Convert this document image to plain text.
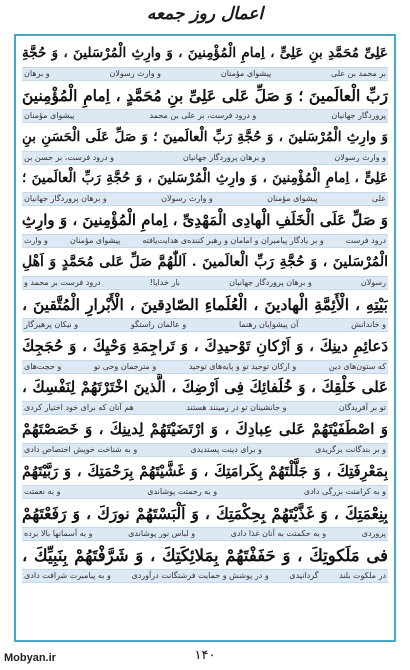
اعمال روز جمعه
عَلِیِّ مُحَمَّدِ بنِ عَلِیٍّ ، اِمامِ الْمُؤْمِنینَ ، وَ وارِثِ الْمُرْسَلینَ ، وَ حُجَّةِ
بر محمد بن علی
پیشوای مؤمنان
و وارث رسولان
و برهان
رَبِّ الْعالَمینَ ؛ وَ صَلِّ عَلى عَلِیِّ بنِ مُحَمَّدٍ ، اِمامِ الْمُؤْمِنینَ
پروردگار جهانیان
و درود فرست، بر علی بن محمد
پیشوای مؤمنان
وَ وارِثِ الْمُرْسَلینَ ، وَ حُجَّةِ رَبِّ الْعالَمینَ ؛ وَ صَلِّ عَلَى الْحَسَنِ بنِ
و وارث رسولان
و برهان پروردگار جهانیان
و درود فرست، بر حسن بن
عَلِیٍّ ، اِمامِ الْمُؤْمِنینَ ، وَ وارِثِ الْمُرْسَلینَ ، وَ حُجَّةِ رَبِّ الْعالَمینَ ؛
علی
پیشوای مؤمنان
و وارث رسولان
و برهان پروردگار جهانیان
وَ صَلِّ عَلَى الْخَلَفِ الْهادِی الْمَهْدِیِّ ، اِمامِ الْمُؤْمِنینَ ، وَ وارِثِ
درود فرست
و بر یادگار پیامبران و امامان و رهبر کننده‌ی هدایت‌یافته
پیشوای مؤمنان
و وارث
الْمُرْسَلینَ ، وَ حُجَّةِ رَبِّ الْعالَمینَ . اَللّٰهُمَّ صَلِّ عَلى مُحَمَّدٍ وَ اَهْلِ
رسولان
و برهان پروردگار جهانیان
بار خدایا!
درود فرست بر محمد و
بَیْتِهِ ، الْأَئِمَّةِ الْهادینَ ، الْعُلَماءِ الصّادِقینَ ، الْأَبْرارِ الْمُتَّقینَ ،
و خاندانش
آن پیشوایان رهنما
و عالمان راستگو
و نیکان پرهیزگار
دَعائِمِ دینِكَ ، وَ اَرْكانِ تَوْحیدِكَ ، وَ تَراجِمَةِ وَحْیِكَ ، وَ حُجَجِكَ
که ستون‌های دین
و ارکان توحید تو و پایه‌های توحید
و مترجمان وحی تو
و حجت‌های
عَلى خَلْقِكَ ، وَ خُلَفائِكَ فِی اَرْضِكَ ، الَّذینَ اخْتَرْتَهُمْ لِنَفْسِكَ ،
تو بر آفریدگان
و جانشینان تو در زمینند هستند
هم آنان که برای خود اختیار کردی
وَ اصْطَفَیْتَهُمْ عَلى عِبادِكَ ، وَ ارْتَضَیْتَهُمْ لِدینِكَ ، وَ خَصَصْتَهُمْ
و بر بندگانت برگزیدی
و برای دینت پسندیدی
و به شناخت خویش اختصاص دادی
بِمَعْرِفَتِكَ ، وَ جَلَّلْتَهُمْ بِكَرامَتِكَ ، وَ غَشَّیْتَهُمْ بِرَحْمَتِكَ ، وَ رَبَّیْتَهُمْ
و به کرامتت بزرگی دادی
و به رحمتت پوشاندی
و به نعمتت
بِنِعْمَتِكَ ، وَ غَذَّیْتَهُمْ بِحِكْمَتِكَ ، وَ اَلْبَسْتَهُمْ نورَكَ ، وَ رَفَعْتَهُمْ
پروردی
و به حکمتت به آنان غذا دادی
و لباس نور پوشاندی
و به آسمانها بالا برده
فی مَلَكوتِكَ ، وَ حَفَفْتَهُمْ بِمَلائِكَتِكَ ، وَ شَرَّفْتَهُمْ بِنَبِیِّكَ ،
در ملکوت بلند
گردانیدی
و در پوشش و حمایت فرشتگانت درآوردی
و به پیامبرت شرافت دادی
Mobyan.ir	۱۴۰
